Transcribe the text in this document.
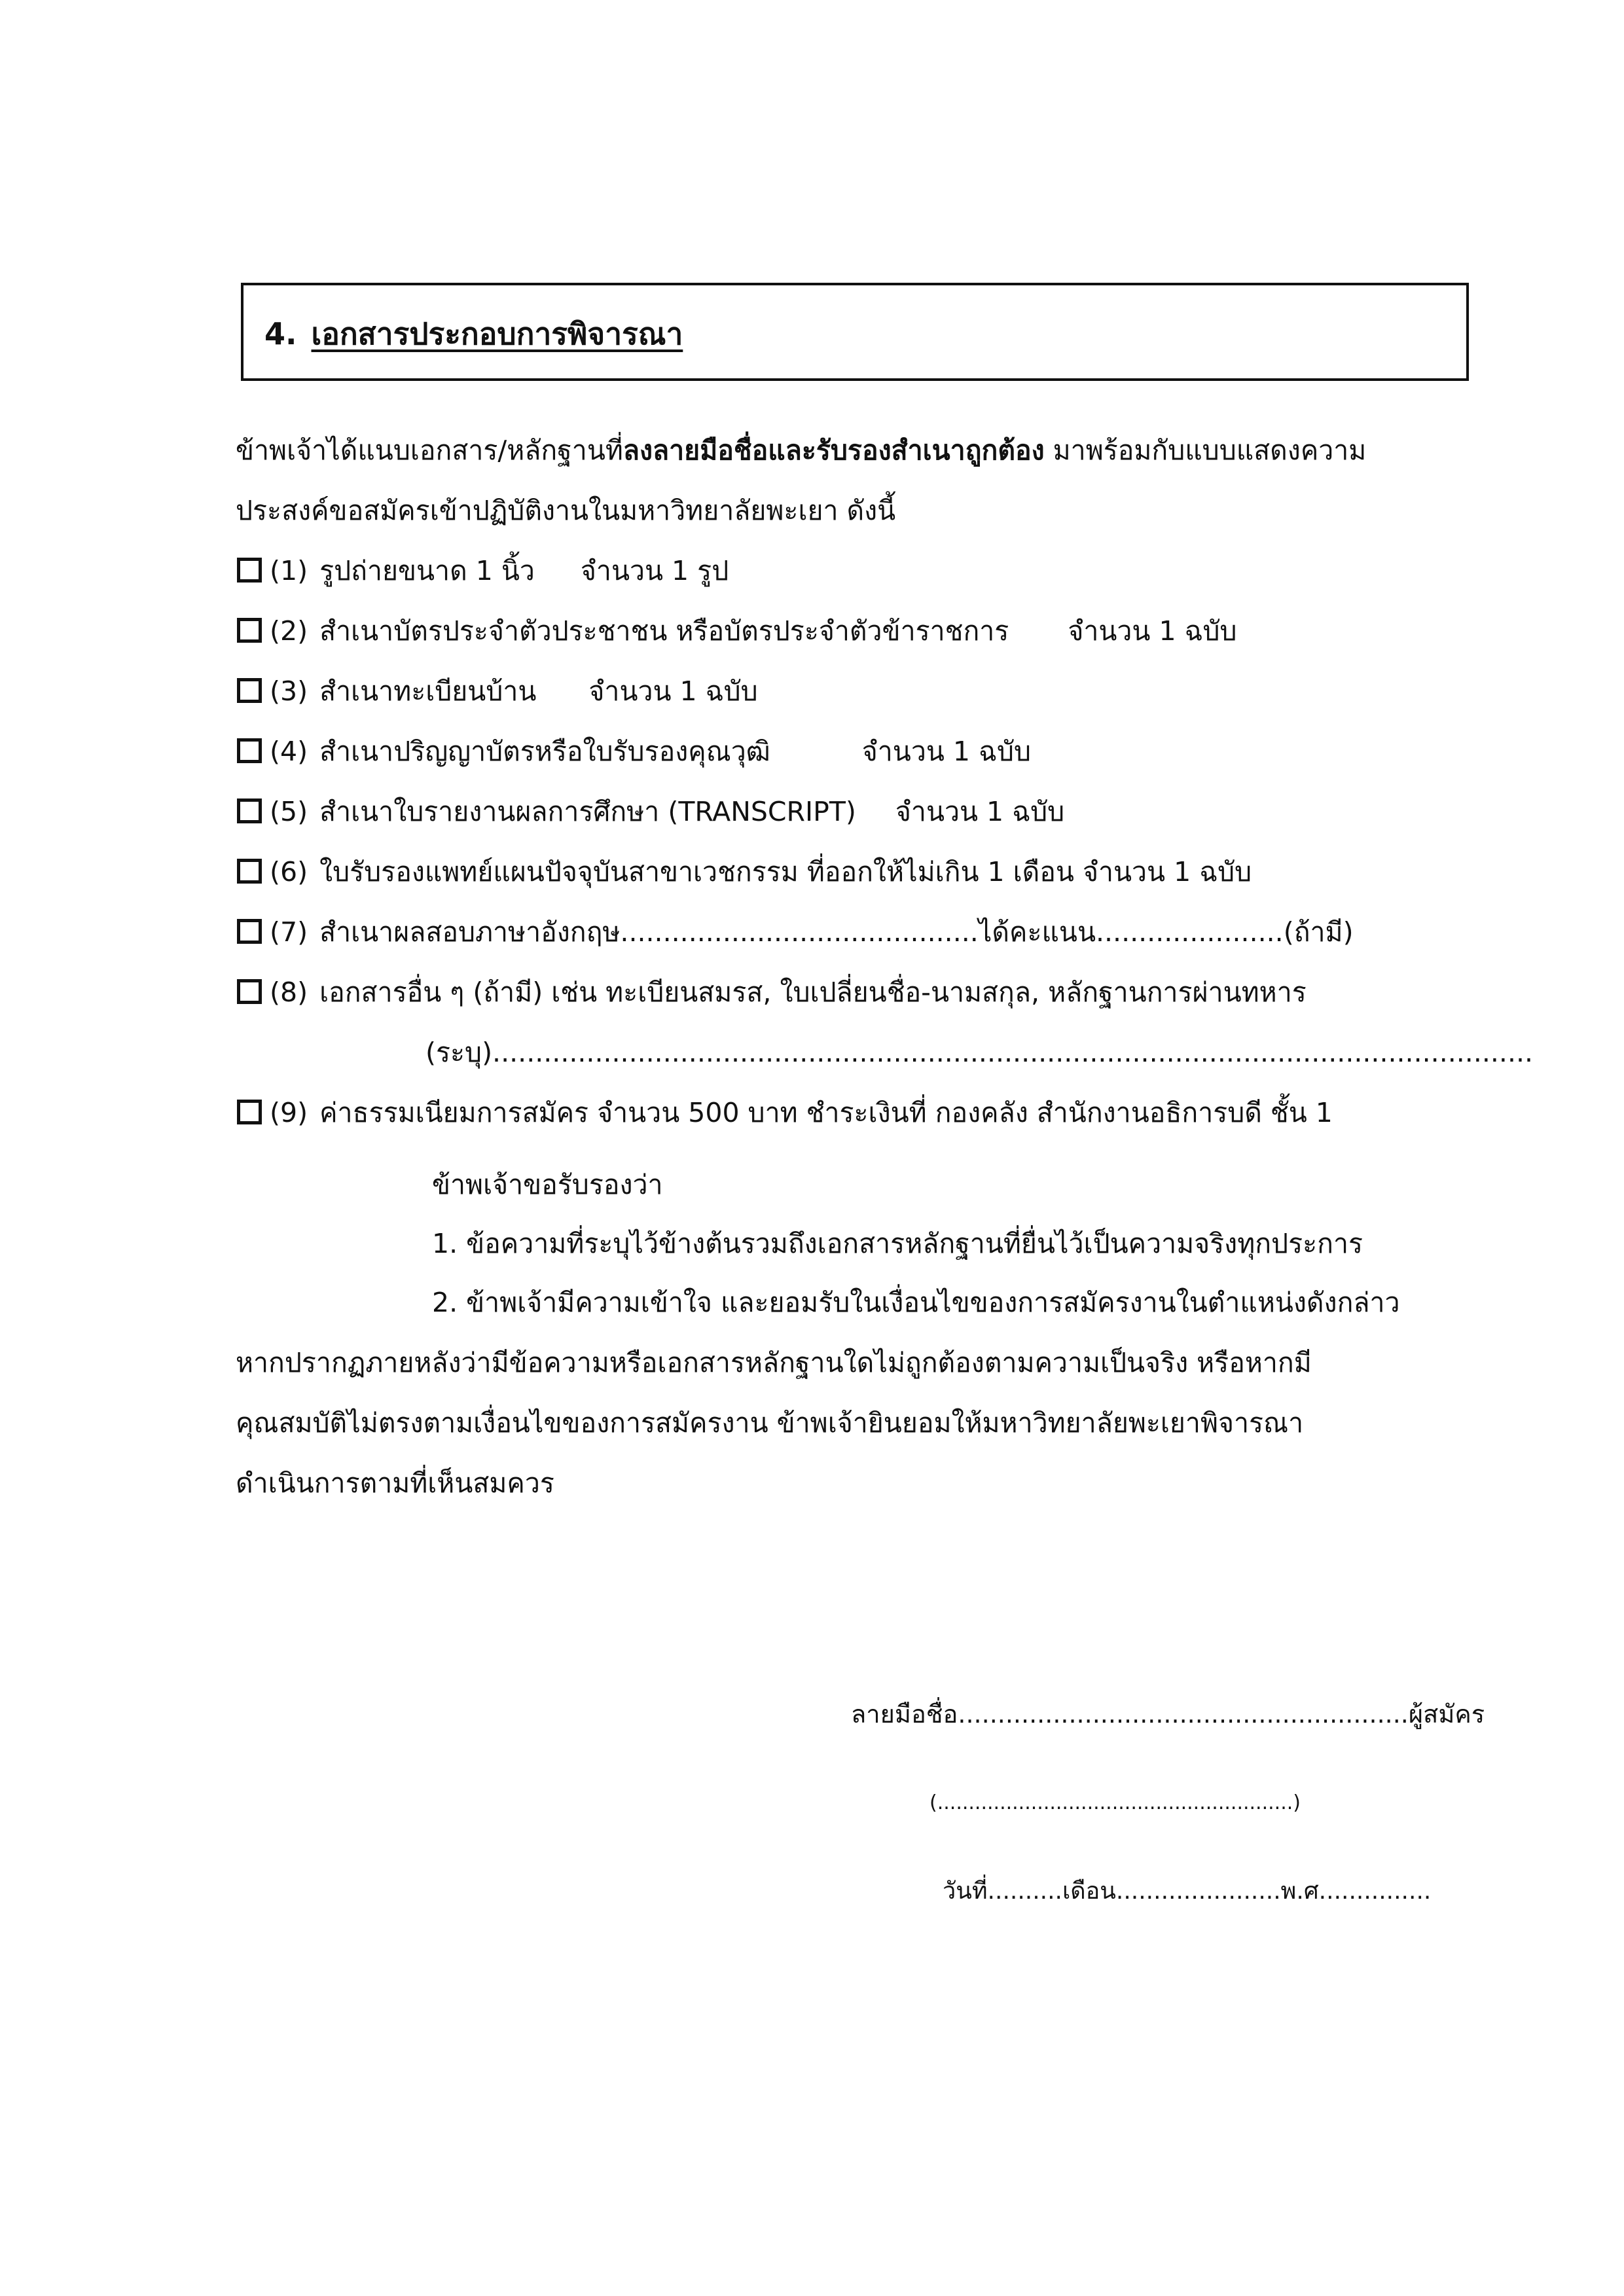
4. เอกสารประกอบการพิจารณา
ข้าพเจ้าได้แนบเอกสาร/หลักฐานที่ลงลายมือชื่อและรับรองสำเนาถูกต้อง มาพร้อมกับแบบแสดงความ
ประสงค์ขอสมัครเข้าปฏิบัติงานในมหาวิทยาลัยพะเยา ดังนี้
(1) รูปถ่ายขนาด 1 นิ้ว จำนวน 1 รูป
(2) สำเนาบัตรประจำตัวประชาชน หรือบัตรประจำตัวข้าราชการ จำนวน 1 ฉบับ
(3) สำเนาทะเบียนบ้าน จำนวน 1 ฉบับ
(4) สำเนาปริญญาบัตรหรือใบรับรองคุณวุฒิ	จำนวน 1 ฉบับ
(5) สำเนาใบรายงานผลการศึกษา (TRANSCRIPT) จำนวน 1 ฉบับ
(6) ใบรับรองแพทย์แผนปัจจุบันสาขาเวชกรรม ที่ออกให้ไม่เกิน 1 เดือน จำนวน 1 ฉบับ
(7) สำเนาผลสอบภาษาอังกฤษ..........................................ได้คะแนน......................(ถ้ามี)
(8) เอกสารอื่น ๆ (ถ้ามี) เช่น ทะเบียนสมรส, ใบเปลี่ยนชื่อ-นามสกุล, หลักฐานการผ่านทหาร
(ระบุ)..........................................................................................................................
(9) ค่าธรรมเนียมการสมัคร จำนวน 500 บาท ชำระเงินที่ กองคลัง สำนักงานอธิการบดี ชั้น 1
ข้าพเจ้าขอรับรองว่า
1. ข้อความที่ระบุไว้ข้างต้นรวมถึงเอกสารหลักฐานที่ยื่นไว้เป็นความจริงทุกประการ
2. ข้าพเจ้ามีความเข้าใจ และยอมรับในเงื่อนไขของการสมัครงานในตำแหน่งดังกล่าว
หากปรากฏภายหลังว่ามีข้อความหรือเอกสารหลักฐานใดไม่ถูกต้องตามความเป็นจริง หรือหากมี
คุณสมบัติไม่ตรงตามเงื่อนไขของการสมัครงาน ข้าพเจ้ายินยอมให้มหาวิทยาลัยพะเยาพิจารณา
ดำเนินการตามที่เห็นสมควร
ลายมือชื่อ.........................................................ผู้สมัคร
(.........................................................)
วันที่..........เดือน......................พ.ศ...............
